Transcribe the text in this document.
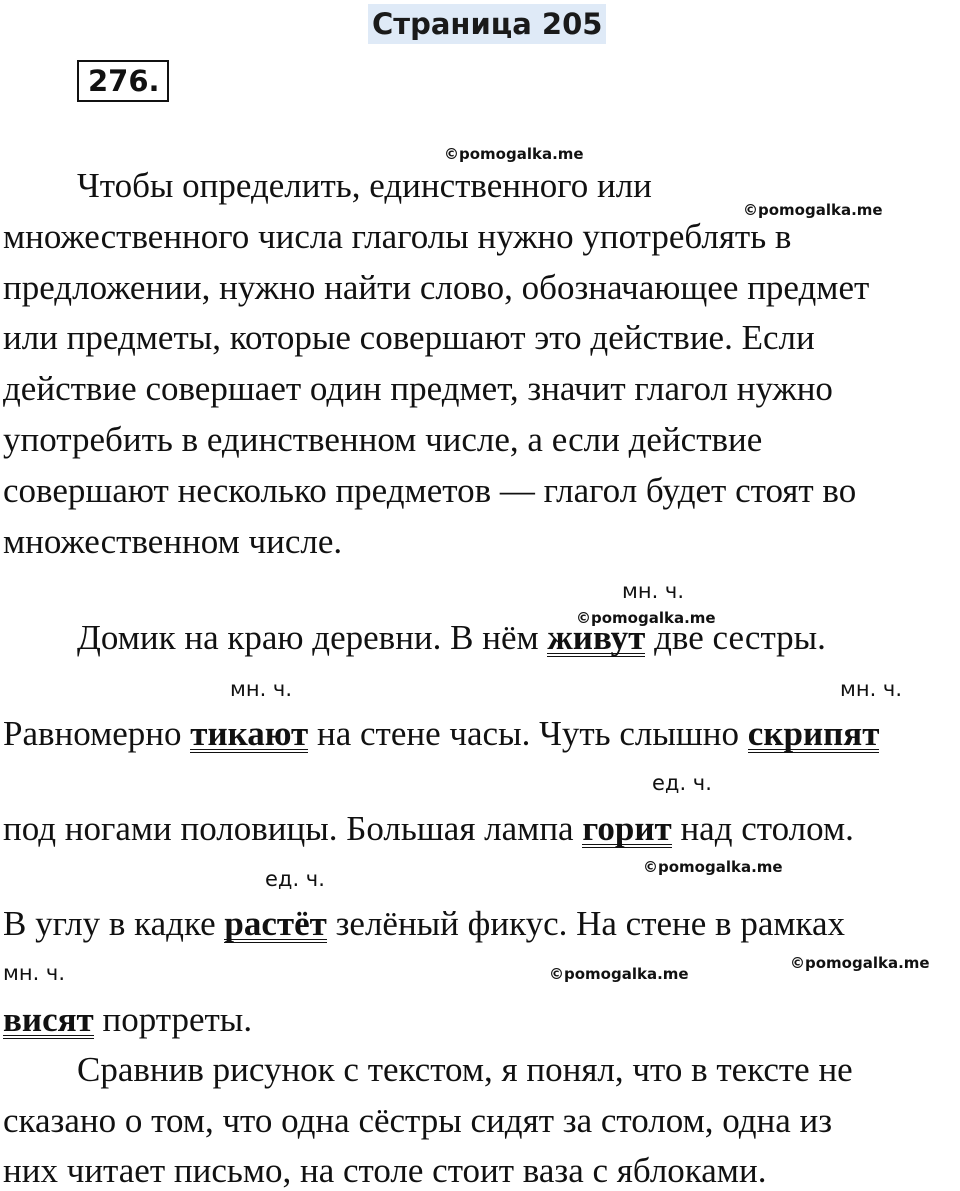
Страница 205
276.
©pomogalka.me
©pomogalka.me
Чтобы определить, единственного или
множественного числа глаголы нужно употреблять в
предложении, нужно найти слово, обозначающее предмет
или предметы, которые совершают это действие. Если
действие совершает один предмет, значит глагол нужно
употребить в единственном числе, а если действие
совершают несколько предметов — глагол будет стоят во
множественном числе.
мн. ч.
©pomogalka.me
Домик на краю деревни. В нём живут две сестры.
мн. ч.	мн. ч.
Равномерно тикают на стене часы. Чуть слышно скрипят
ед. ч.
под ногами половицы. Большая лампа горит над столом.
©pomogalka.me
ед. ч.
В углу в кадке растёт зелёный фикус. На стене в рамках
©pomogalka.me
мн. ч.	©pomogalka.me
висят портреты.
Сравнив рисунок с текстом, я понял, что в тексте не
сказано о том, что одна сёстры сидят за столом, одна из
них читает письмо, на столе стоит ваза с яблоками.
